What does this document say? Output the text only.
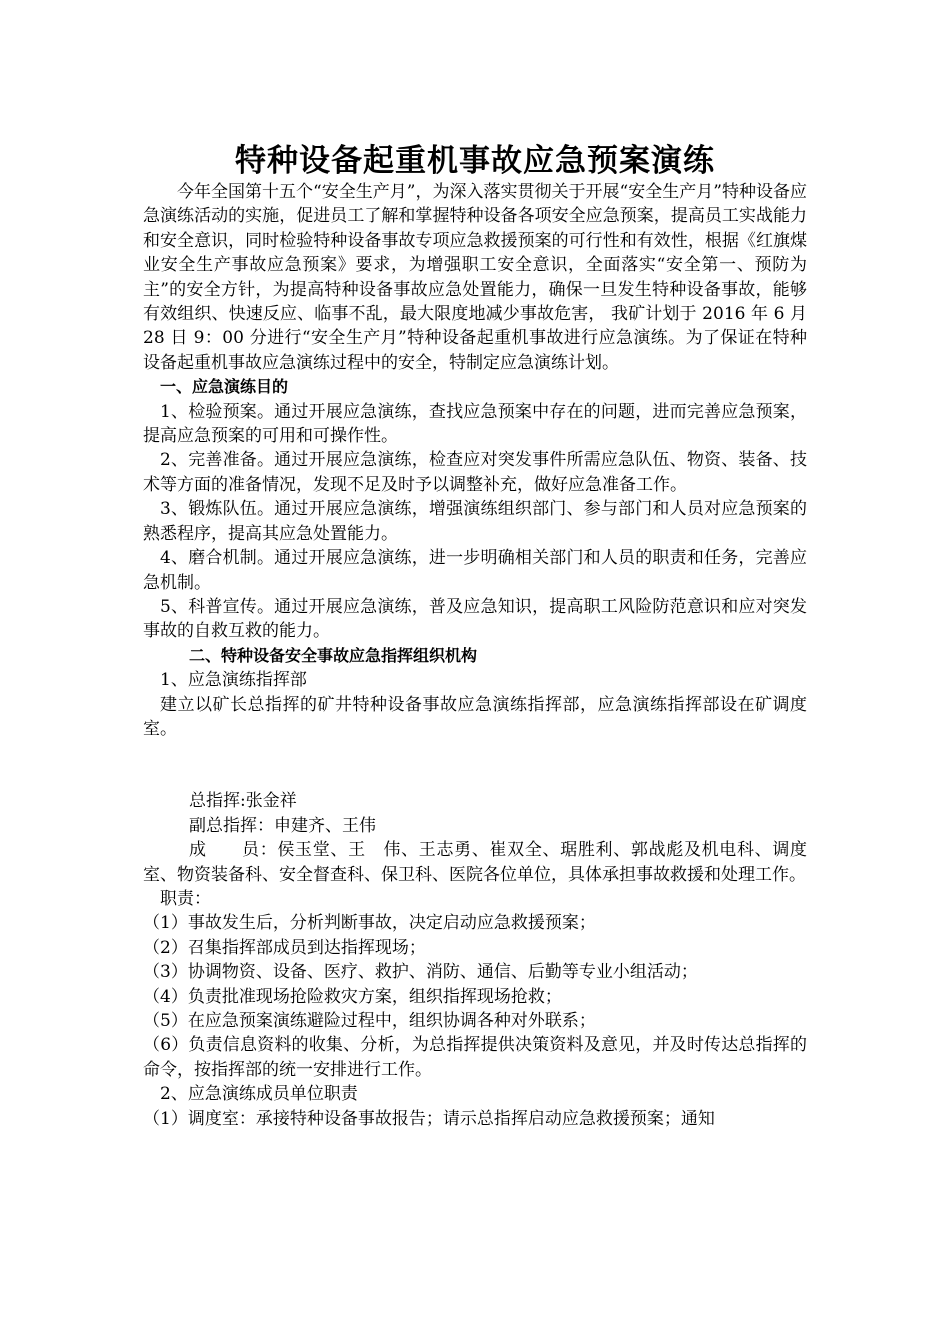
特种设备起重机事故应急预案演练

今年全国第十五个“安全生产月”，为深入落实贯彻关于开展“安全生产月”特种设备应急演练活动的实施，促进员工了解和掌握特种设备各项安全应急预案，提高员工实战能力和安全意识，同时检验特种设备事故专项应急救援预案的可行性和有效性，根据《红旗煤业安全生产事故应急预案》要求，为增强职工安全意识，全面落实“安全第一、预防为主”的安全方针，为提高特种设备事故应急处置能力，确保一旦发生特种设备事故，能够有效组织、快速反应、临事不乱，最大限度地减少事故危害， 我矿计划于 2016 年 6 月 28 日 9：00 分进行“安全生产月”特种设备起重机事故进行应急演练。为了保证在特种设备起重机事故应急演练过程中的安全，特制定应急演练计划。

一、应急演练目的

1、检验预案。通过开展应急演练，查找应急预案中存在的问题，进而完善应急预案，提高应急预案的可用和可操作性。

2、完善准备。通过开展应急演练，检查应对突发事件所需应急队伍、物资、装备、技术等方面的准备情况，发现不足及时予以调整补充，做好应急准备工作。

3、锻炼队伍。通过开展应急演练，增强演练组织部门、参与部门和人员对应急预案的熟悉程序，提高其应急处置能力。

4、磨合机制。通过开展应急演练，进一步明确相关部门和人员的职责和任务，完善应急机制。

5、科普宣传。通过开展应急演练，普及应急知识，提高职工风险防范意识和应对突发事故的自救互救的能力。

二、特种设备安全事故应急指挥组织机构

1、应急演练指挥部

建立以矿长总指挥的矿井特种设备事故应急演练指挥部，应急演练指挥部设在矿调度室。

总指挥:张金祥

副总指挥：申建齐、王伟

成　　员：侯玉堂、王　伟、王志勇、崔双全、琚胜利、郭战彪及机电科、调度室、物资装备科、安全督查科、保卫科、医院各位单位，具体承担事故救援和处理工作。

职责：

（1）事故发生后，分析判断事故，决定启动应急救援预案；

（2）召集指挥部成员到达指挥现场；

（3）协调物资、设备、医疗、救护、消防、通信、后勤等专业小组活动；

（4）负责批准现场抢险救灾方案，组织指挥现场抢救；

（5）在应急预案演练避险过程中，组织协调各种对外联系；

（6）负责信息资料的收集、分析，为总指挥提供决策资料及意见，并及时传达总指挥的命令，按指挥部的统一安排进行工作。

2、应急演练成员单位职责

（1）调度室：承接特种设备事故报告；请示总指挥启动应急救援预案；通知
